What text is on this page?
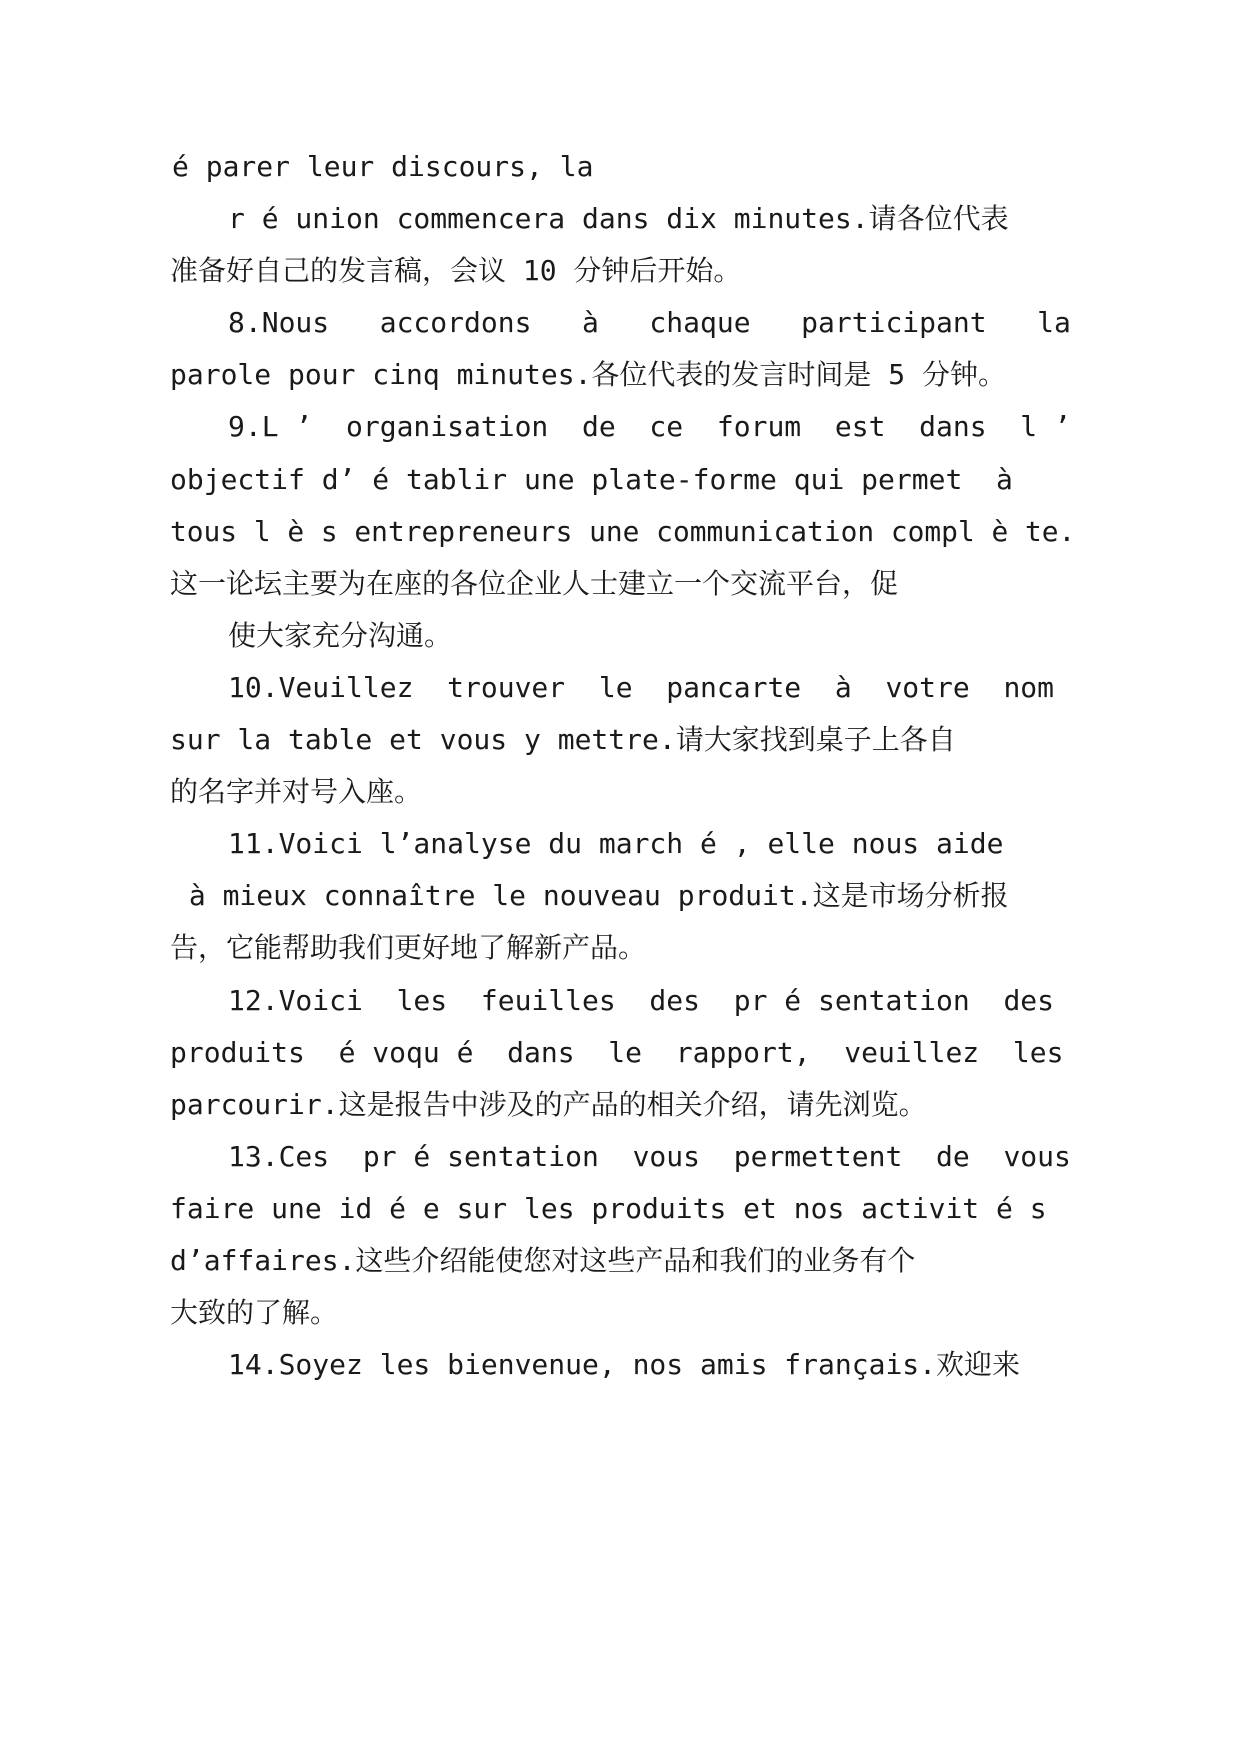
é parer leur discours, la
r é union commencera dans dix minutes.请各位代表
准备好自己的发言稿，会议 10 分钟后开始。
8.Nous   accordons   à   chaque   participant   la
parole pour cinq minutes.各位代表的发言时间是 5 分钟。
9.L ’  organisation  de  ce  forum  est  dans  l ’
objectif d’ é tablir une plate-forme qui permet  à
tous l è s entrepreneurs une communication compl è te.
这一论坛主要为在座的各位企业人士建立一个交流平台，促
使大家充分沟通。
10.Veuillez  trouver  le  pancarte  à  votre  nom
sur la table et vous y mettre.请大家找到桌子上各自
的名字并对号入座。
11.Voici l’analyse du march é , elle nous aide
à mieux connaître le nouveau produit.这是市场分析报
告，它能帮助我们更好地了解新产品。
12.Voici  les  feuilles  des  pr é sentation  des
produits  é voqu é  dans  le  rapport,  veuillez  les
parcourir.这是报告中涉及的产品的相关介绍，请先浏览。
13.Ces  pr é sentation  vous  permettent  de  vous
faire une id é e sur les produits et nos activit é s
d’affaires.这些介绍能使您对这些产品和我们的业务有个
大致的了解。
14.Soyez les bienvenue, nos amis français.欢迎来
